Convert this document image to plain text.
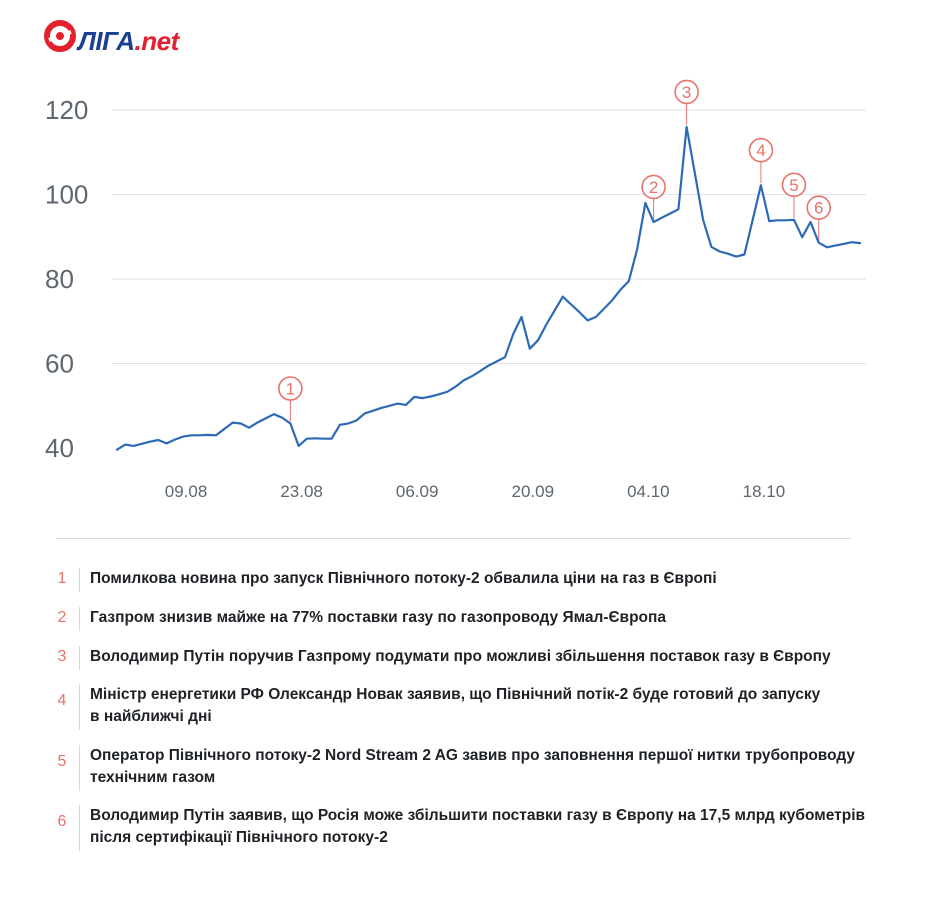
ЛІГА.net
40
60
80
100
120
09.08	23.08	06.09	20.09	04.10	18.10
1
2
3
4
5
6
1 Помилкова новина про запуск Північного потоку-2 обвалила ціни на газ в Європі
2 Газпром знизив майже на 77% поставки газу по газопроводу Ямал-Європа
3 Володимир Путін поручив Газпрому подумати про можливі збільшення поставок газу в Європу
4 Міністр енергетики РФ Олександр Новак заявив, що Північний потік-2 буде готовий до запуску
в найближчі дні
5 Оператор Північного потоку-2 Nord Stream 2 AG завив про заповнення першої нитки трубопроводу
технічним газом
6 Володимир Путін заявив, що Росія може збільшити поставки газу в Європу на 17,5 млрд кубометрів
після сертифікації Північного потоку-2
